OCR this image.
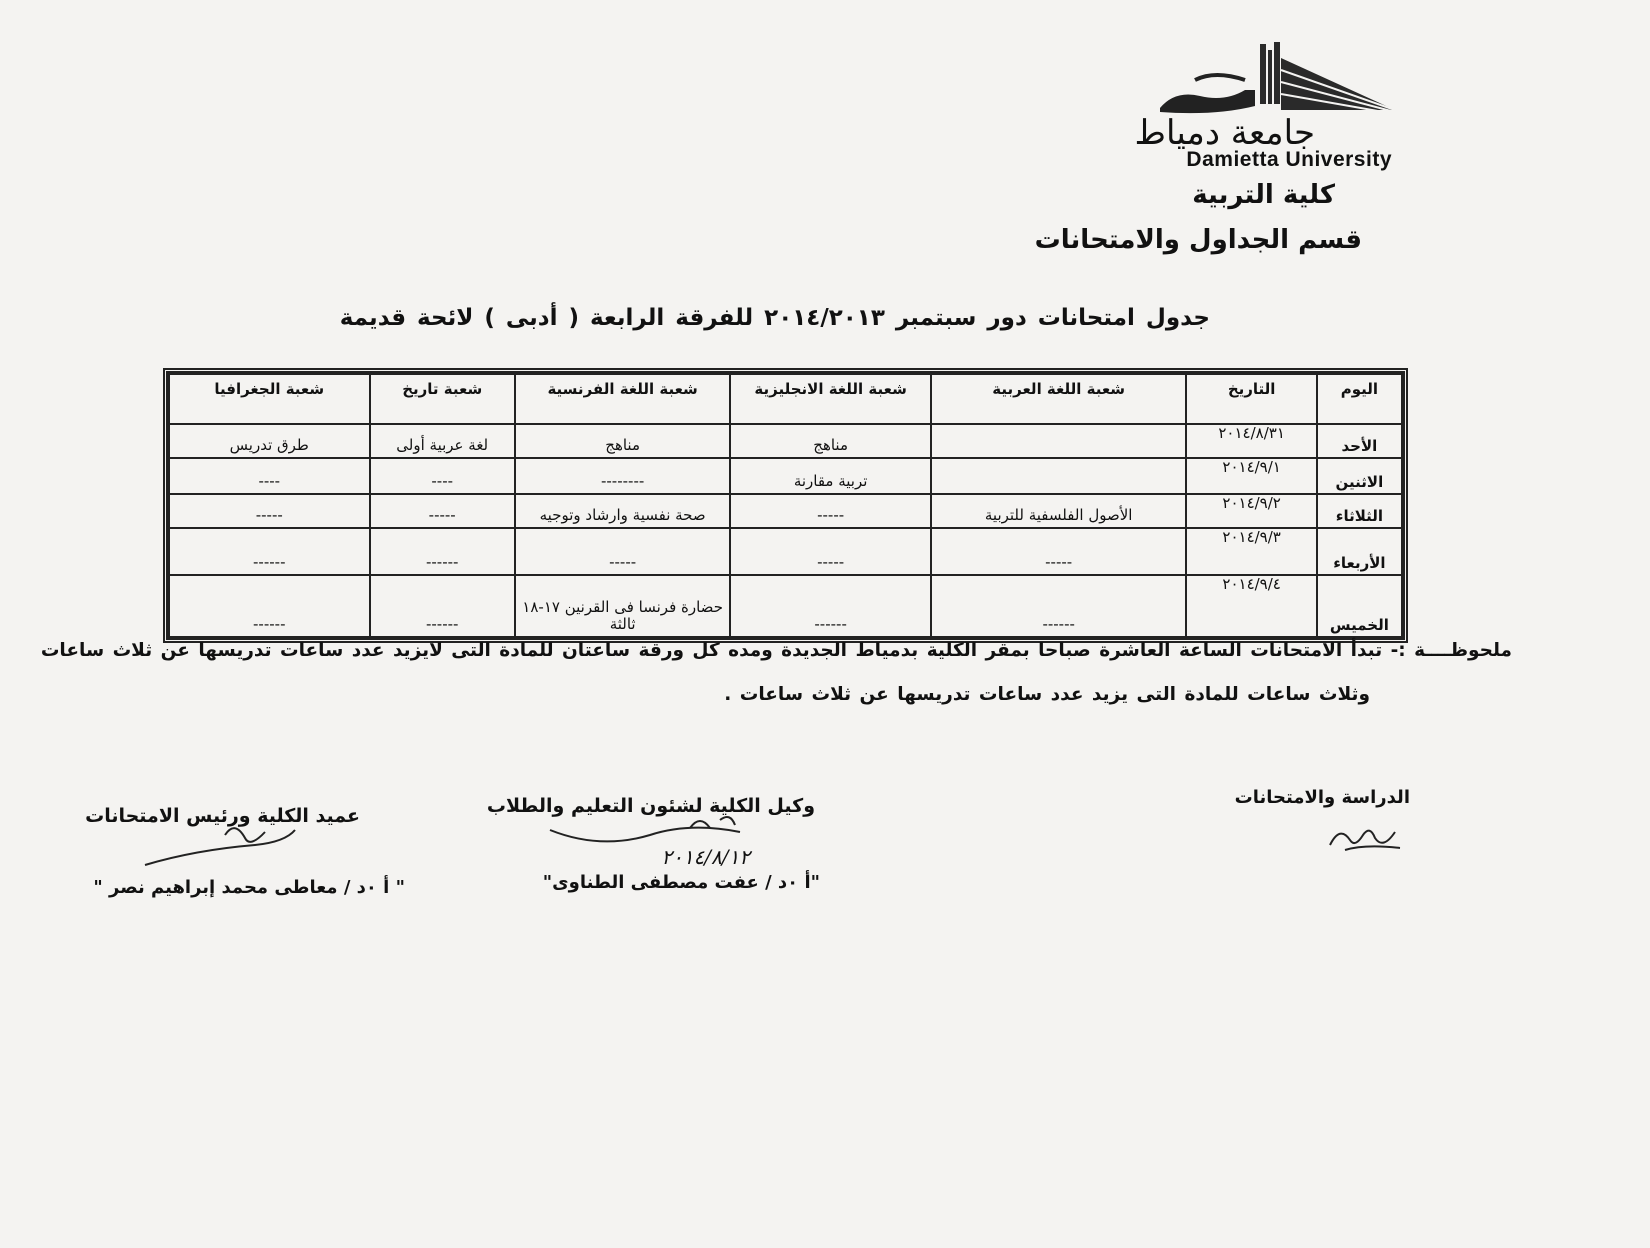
جامعة دمياط
Damietta University
كلية التربية
قسم الجداول والامتحانات
جدول امتحانات دور سبتمبر ٢٠١٤/٢٠١٣ للفرقة الرابعة ( أدبى ) لائحة قديمة
اليوم	التاريخ	شعبة اللغة العربية	شعبة اللغة الانجليزية	شعبة اللغة الفرنسية	شعبة تاريخ	شعبة الجغرافيا
الأحد	٢٠١٤/٨/٣١		مناهج	مناهج	لغة عربية أولى	طرق تدريس
الاثنين	٢٠١٤/٩/١		تربية مقارنة	--------	----	----
الثلاثاء	٢٠١٤/٩/٢	الأصول الفلسفية للتربية	-----	صحة نفسية وارشاد وتوجيه	-----	-----
الأربعاء	٢٠١٤/٩/٣	-----	-----	-----	------	------
الخميس	٢٠١٤/٩/٤	------	------	حضارة فرنسا فى القرنين ١٧-١٨ ثالثة	------	------
ملحوظــــة :- تبدأ الامتحانات الساعة العاشرة صباحا بمقر الكلية بدمياط الجديدة ومده كل ورقة ساعتان للمادة التى لايزيد عدد ساعات تدريسها عن ثلاث ساعات
وثلاث ساعات للمادة التى يزيد عدد ساعات تدريسها عن ثلاث ساعات .
الدراسة والامتحانات
وكيل الكلية لشئون التعليم والطلاب
٢٠١٤/٨/١٢
"أ ٠د / عفت مصطفى الطناوى"
عميد الكلية ورئيس الامتحانات
" أ ٠د / معاطى محمد إبراهيم نصر "
